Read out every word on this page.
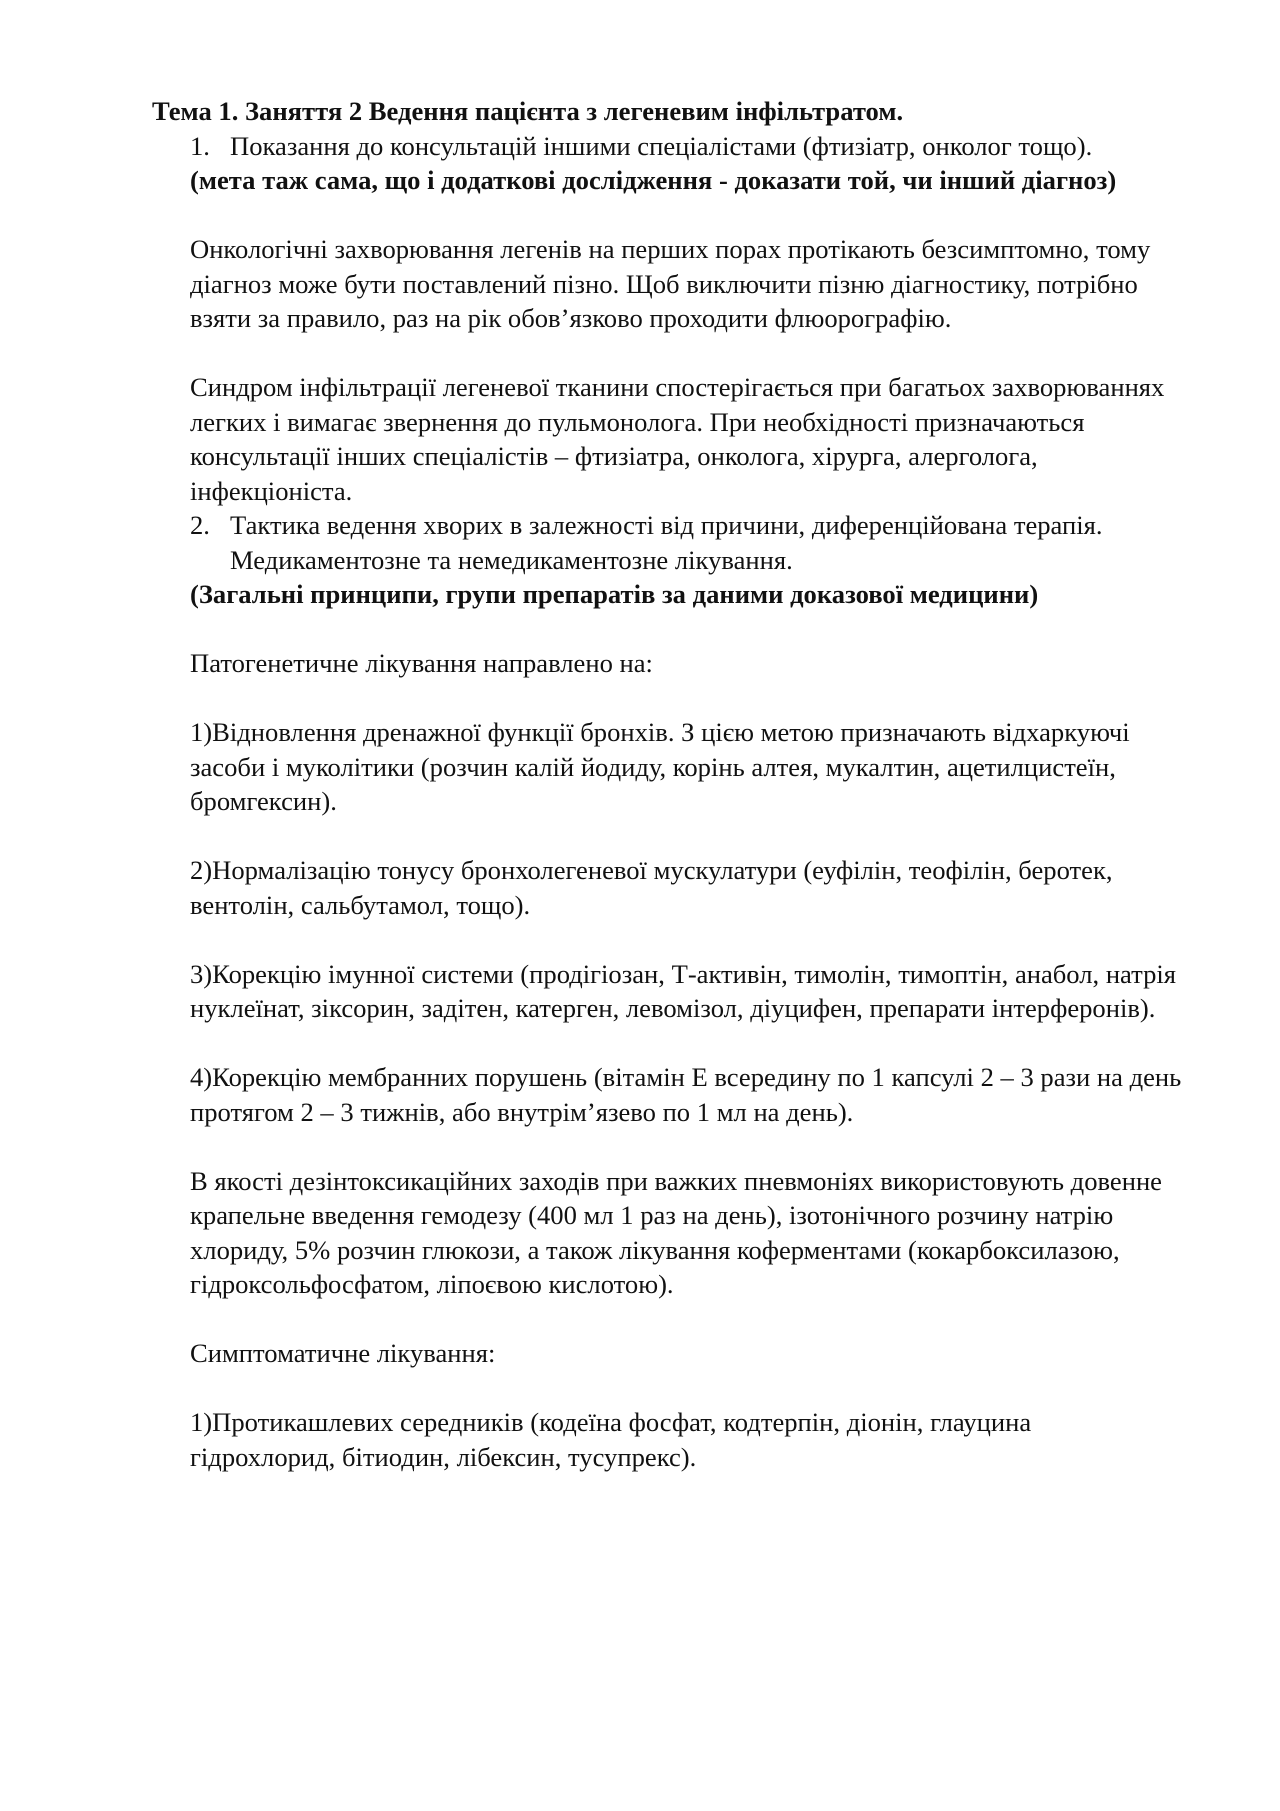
Тема 1. Заняття 2 Ведення пацієнта з легеневим інфільтратом.

1. Показання до консультацій іншими спеціалістами (фтизіатр, онколог тощо).

(мета таж сама, що і додаткові дослідження - доказати той, чи інший діагноз)

Онкологічні захворювання легенів на перших порах протікають безсимптомно, тому діагноз може бути поставлений пізно. Щоб виключити пізню діагностику, потрібно взяти за правило, раз на рік обов’язково проходити флюорографію.

Синдром інфільтрації легеневої тканини спостерігається при багатьох захворюваннях легких і вимагає звернення до пульмонолога. При необхідності призначаються консультації інших спеціалістів – фтизіатра, онколога, хірурга, алерголога, інфекціоніста.

2. Тактика ведення хворих в залежності від причини, диференційована терапія. Медикаментозне та немедикаментозне лікування.

(Загальні принципи, групи препаратів за даними доказової медицини)

Патогенетичне лікування направлено на:

1)Відновлення дренажної функції бронхів. З цією метою призначають відхаркуючі засоби і муколітики (розчин калій йодиду, корінь алтея, мукалтин, ацетилцистеїн, бромгексин).

2)Нормалізацію тонусу бронхолегеневої мускулатури (еуфілін, теофілін, беротек, вентолін, сальбутамол, тощо).

3)Корекцію імунної системи (продігіозан, Т-активін, тимолін, тимоптін, анабол, натрія нуклеїнат, зіксорин, задітен, катерген, левомізол, діуцифен, препарати інтерферонів).

4)Корекцію мембранних порушень (вітамін Е всередину по 1 капсулі 2 – 3 рази на день протягом 2 – 3 тижнів, або внутрім’язево по 1 мл на день).

В якості дезінтоксикаційних заходів при важких пневмоніях використовують довенне крапельне введення гемодезу (400 мл 1 раз на день), ізотонічного розчину натрію хлориду, 5% розчин глюкози, а також лікування коферментами (кокарбоксилазою, гідроксольфосфатом, ліпоєвою кислотою).

Симптоматичне лікування:

1)Протикашлевих середників (кодеїна фосфат, кодтерпін, діонін, глауцина гідрохлорид, бітиодин, лібексин, тусупрекс).
